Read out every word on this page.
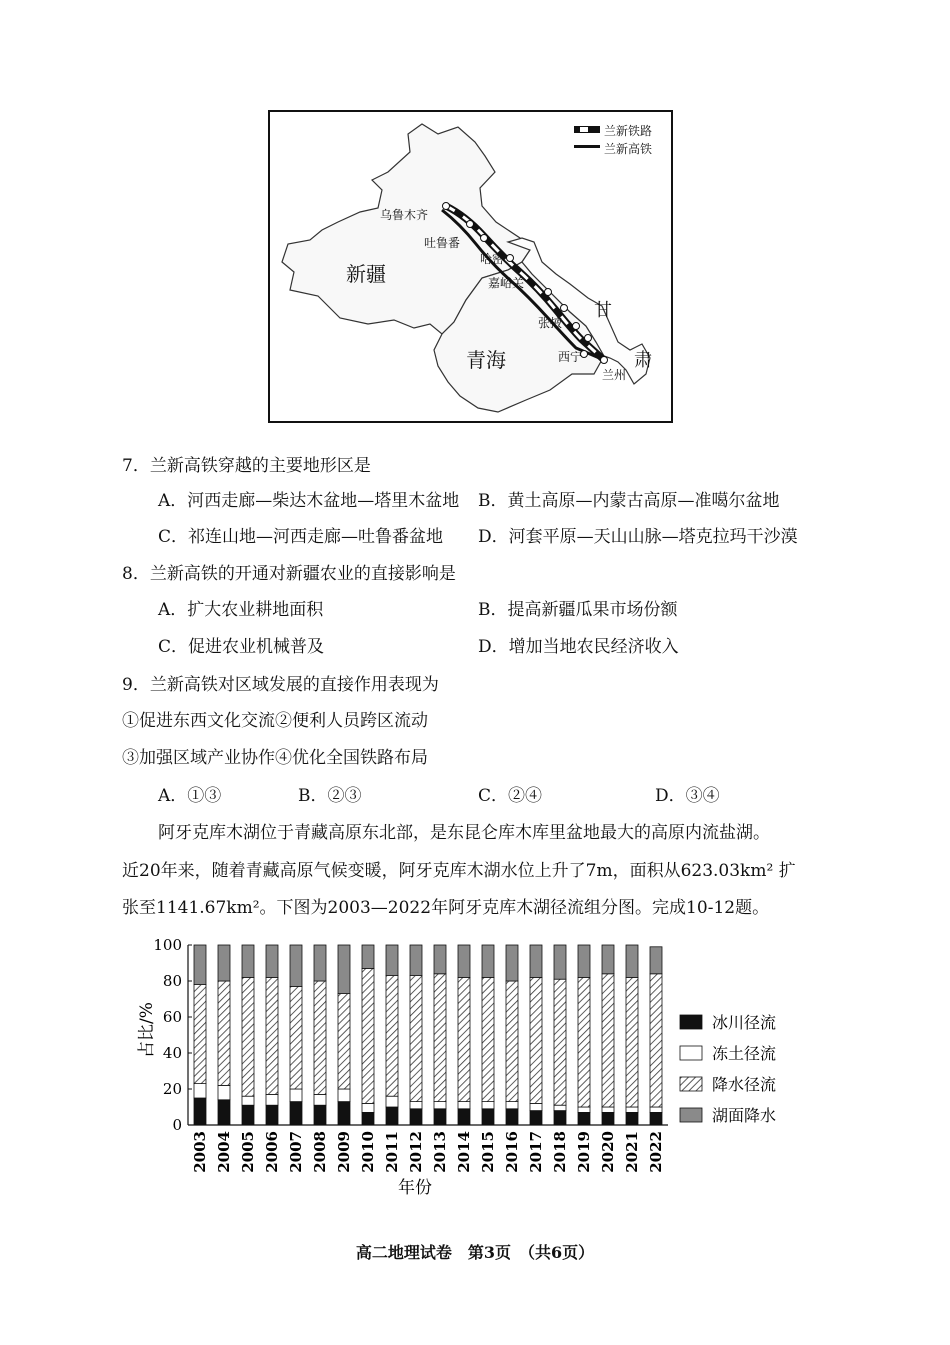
兰新铁路
兰新高铁
新疆
青海
甘
肃
乌鲁木齐
吐鲁番
哈密
嘉峪关
张掖
西宁
兰州
7．兰新高铁穿越的主要地形区是
A．河西走廊—柴达木盆地—塔里木盆地 B．黄土高原—内蒙古高原—准噶尔盆地
C．祁连山地—河西走廊—吐鲁番盆地 D．河套平原—天山山脉—塔克拉玛干沙漠
8．兰新高铁的开通对新疆农业的直接影响是
A．扩大农业耕地面积	B．提高新疆瓜果市场份额
C．促进农业机械普及	D．增加当地农民经济收入
9．兰新高铁对区域发展的直接作用表现为
①促进东西文化交流②便利人员跨区流动
③加强区域产业协作④优化全国铁路布局
A．①③	B．②③	C．②④	D．③④
阿牙克库木湖位于青藏高原东北部，是东昆仑库木库里盆地最大的高原内流盐湖。
近20年来，随着青藏高原气候变暖，阿牙克库木湖水位上升了7m，面积从623.03km² 扩
张至1141.67km²。下图为2003—2022年阿牙克库木湖径流组分图。完成10-12题。
0
20
40
60
80
100
2003 2004 2005 2006 2007 2008 2009 2010 2011 2012 2013 2014 2015 2016 2017 2018 2019 2020 2021 2022
冰川径流
冻土径流
降水径流
湖面降水
占比/%
年份
高二地理试卷　第3页　（共6页）
